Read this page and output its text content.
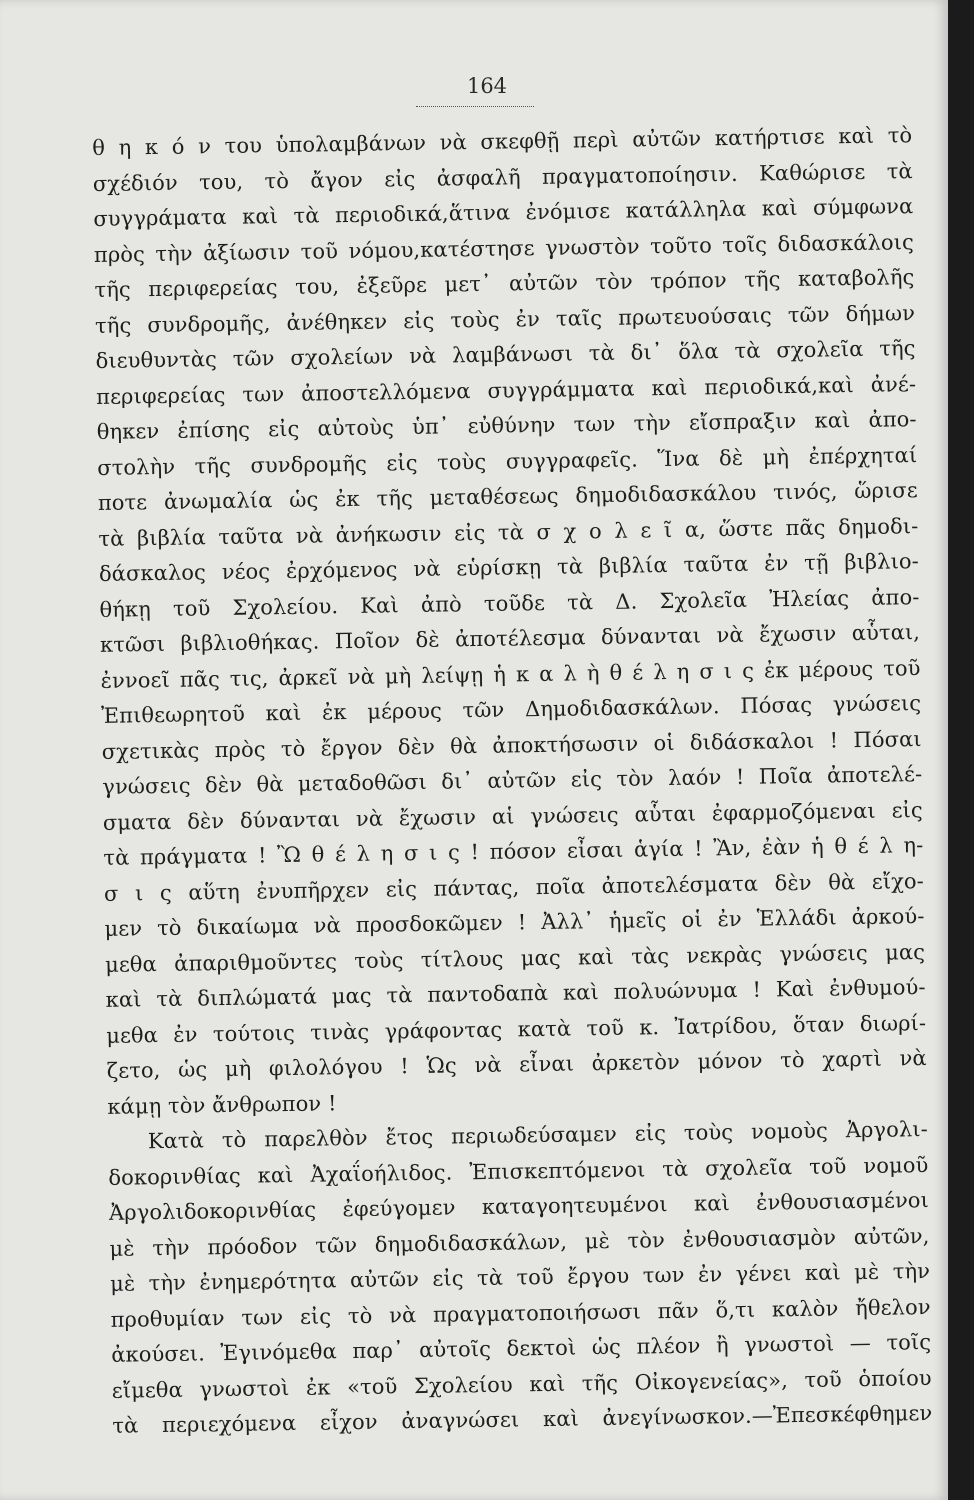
164
θ η κ ό ν του ὑπολαμβάνων νὰ σκεφθῇ περὶ αὐτῶν κατήρτισε καὶ τὸ
σχέδιόν του, τὸ ἄγον εἰς ἀσφαλῆ πραγματοποίησιν. Καθώρισε τὰ
συγγράματα καὶ τὰ περιοδικά,ἅτινα ἐνόμισε κατάλληλα καὶ σύμφωνα
πρὸς τὴν ἀξίωσιν τοῦ νόμου,κατέστησε γνωστὸν τοῦτο τοῖς διδασκάλοις
τῆς περιφερείας του, ἐξεῦρε μετ᾽ αὐτῶν τὸν τρόπον τῆς καταβολῆς
τῆς συνδρομῆς, ἀνέθηκεν εἰς τοὺς ἐν ταῖς πρωτευούσαις τῶν δήμων
διευθυντὰς τῶν σχολείων νὰ λαμβάνωσι τὰ δι᾽ ὅλα τὰ σχολεῖα τῆς
περιφερείας των ἀποστελλόμενα συγγράμματα καὶ περιοδικά,καὶ ἀνέ-
θηκεν ἐπίσης εἰς αὐτοὺς ὑπ᾽ εὐθύνην των τὴν εἴσπραξιν καὶ ἀπο-
στολὴν τῆς συνδρομῆς εἰς τοὺς συγγραφεῖς. Ἵνα δὲ μὴ ἐπέρχηταί
ποτε ἀνωμαλία ὡς ἐκ τῆς μεταθέσεως δημοδιδασκάλου τινός, ὥρισε
τὰ βιβλία ταῦτα νὰ ἀνήκωσιν εἰς τὰ σ χ ο λ ε ῖ α, ὥστε πᾶς δημοδι-
δάσκαλος νέος ἐρχόμενος νὰ εὑρίσκῃ τὰ βιβλία ταῦτα ἐν τῇ βιβλιο-
θήκῃ τοῦ Σχολείου. Καὶ ἀπὸ τοῦδε τὰ Δ. Σχολεῖα Ἠλείας ἀπο-
κτῶσι βιβλιοθήκας. Ποῖον δὲ ἀποτέλεσμα δύνανται νὰ ἔχωσιν αὗται,
ἐννοεῖ πᾶς τις, ἀρκεῖ νὰ μὴ λείψῃ ἡ κ α λ ὴ θ έ λ η σ ι ς ἐκ μέρους τοῦ
Ἐπιθεωρητοῦ καὶ ἐκ μέρους τῶν Δημοδιδασκάλων. Πόσας γνώσεις
σχετικὰς πρὸς τὸ ἔργον δὲν θὰ ἀποκτήσωσιν οἱ διδάσκαλοι ! Πόσαι
γνώσεις δὲν θὰ μεταδοθῶσι δι᾽ αὐτῶν εἰς τὸν λαόν ! Ποῖα ἀποτελέ-
σματα δὲν δύνανται νὰ ἔχωσιν αἱ γνώσεις αὗται ἐφαρμοζόμεναι εἰς
τὰ πράγματα ! Ὢ θ έ λ η σ ι ς ! πόσον εἶσαι ἁγία ! Ἂν, ἐὰν ἡ θ έ λ η-
σ ι ς αὕτη ἐνυπῆρχεν εἰς πάντας, ποῖα ἀποτελέσματα δὲν θὰ εἴχο-
μεν τὸ δικαίωμα νὰ προσδοκῶμεν ! Ἀλλ᾽ ἡμεῖς οἱ ἐν Ἑλλάδι ἀρκού-
μεθα ἀπαριθμοῦντες τοὺς τίτλους μας καὶ τὰς νεκρὰς γνώσεις μας
καὶ τὰ διπλώματά μας τὰ παντοδαπὰ καὶ πολυώνυμα ! Καὶ ἐνθυμού-
μεθα ἐν τούτοις τινὰς γράφοντας κατὰ τοῦ κ. Ἰατρίδου, ὅταν διωρί-
ζετο, ὡς μὴ φιλολόγου ! Ὡς νὰ εἶναι ἀρκετὸν μόνον τὸ χαρτὶ νὰ
κάμῃ τὸν ἄνθρωπον !
Κατὰ τὸ παρελθὸν ἔτος περιωδεύσαμεν εἰς τοὺς νομοὺς Ἀργολι-
δοκορινθίας καὶ Ἀχαΐοήλιδος. Ἐπισκεπτόμενοι τὰ σχολεῖα τοῦ νομοῦ
Ἀργολιδοκορινθίας ἐφεύγομεν καταγοητευμένοι καὶ ἐνθουσιασμένοι
μὲ τὴν πρόοδον τῶν δημοδιδασκάλων, μὲ τὸν ἐνθουσιασμὸν αὐτῶν,
μὲ τὴν ἐνημερότητα αὐτῶν εἰς τὰ τοῦ ἔργου των ἐν γένει καὶ μὲ τὴν
προθυμίαν των εἰς τὸ νὰ πραγματοποιήσωσι πᾶν ὅ,τι καλὸν ἤθελον
ἀκούσει. Ἐγινόμεθα παρ᾽ αὐτοῖς δεκτοὶ ὡς πλέον ἢ γνωστοὶ — τοῖς
εἴμεθα γνωστοὶ ἐκ «τοῦ Σχολείου καὶ τῆς Οἰκογενείας», τοῦ ὁποίου
τὰ περιεχόμενα εἶχον ἀναγνώσει καὶ ἀνεγίνωσκον.—Ἐπεσκέφθημεν
